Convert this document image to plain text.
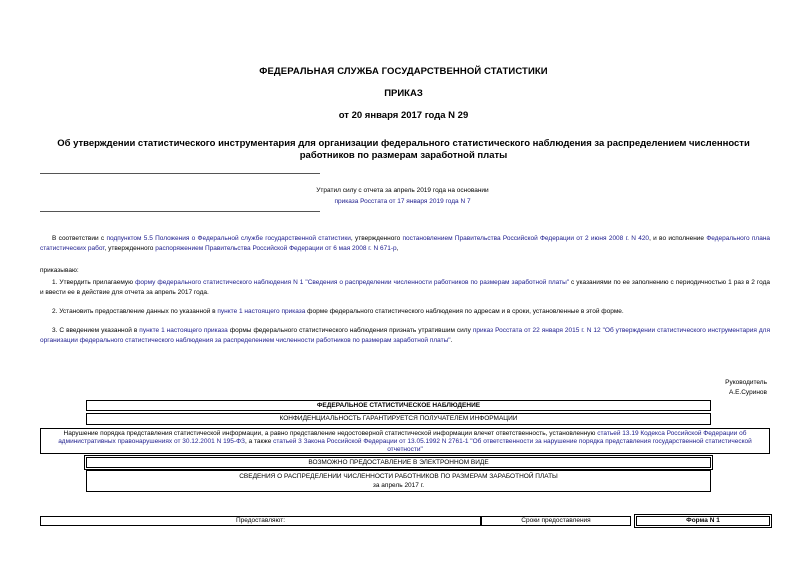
ФЕДЕРАЛЬНАЯ СЛУЖБА ГОСУДАРСТВЕННОЙ СТАТИСТИКИ
ПРИКАЗ
от 20 января 2017 года N 29
Об утверждении статистического инструментария для организации федерального статистического наблюдения за распределением численности работников по размерам заработной платы
Утратил силу с отчета за апрель 2019 года на основании
приказа Росстата от 17 января 2019 года N 7
В соответствии с подпунктом 5.5 Положения о Федеральной службе государственной статистики, утвержденного постановлением Правительства Российской Федерации от 2 июня 2008 г. N 420, и во исполнение Федерального плана статистических работ, утвержденного распоряжением Правительства Российской Федерации от 6 мая 2008 г. N 671-р,
приказываю:
1. Утвердить прилагаемую форму федерального статистического наблюдения N 1 "Сведения о распределении численности работников по размерам заработной платы" с указаниями по ее заполнению с периодичностью 1 раз в 2 года и ввести ее в действие для отчета за апрель 2017 года.
2. Установить предоставление данных по указанной в пункте 1 настоящего приказа форме федерального статистического наблюдения по адресам и в сроки, установленные в этой форме.
3. С введением указанной в пункте 1 настоящего приказа формы федерального статистического наблюдения признать утратившим силу приказ Росстата от 22 января 2015 г. N 12 "Об утверждении статистического инструментария для организации федерального статистического наблюдения за распределением численности работников по размерам заработной платы".
Руководитель
А.Е.Суринов
ФЕДЕРАЛЬНОЕ СТАТИСТИЧЕСКОЕ НАБЛЮДЕНИЕ
КОНФИДЕНЦИАЛЬНОСТЬ ГАРАНТИРУЕТСЯ ПОЛУЧАТЕЛЕМ ИНФОРМАЦИИ
Нарушение порядка представления статистической информации, а равно представление недостоверной статистической информации влечет ответственность, установленную статьей 13.19 Кодекса Российской Федерации об административных правонарушениях от 30.12.2001 N 195-ФЗ, а также статьей 3 Закона Российской Федерации от 13.05.1992 N 2761-1 "Об ответственности за нарушение порядка представления государственной статистической отчетности"
ВОЗМОЖНО ПРЕДОСТАВЛЕНИЕ В ЭЛЕКТРОННОМ ВИДЕ
СВЕДЕНИЯ О РАСПРЕДЕЛЕНИИ ЧИСЛЕННОСТИ РАБОТНИКОВ ПО РАЗМЕРАМ ЗАРАБОТНОЙ ПЛАТЫ
за апрель 2017 г.
Предоставляют:	Сроки предоставления	Форма N 1
